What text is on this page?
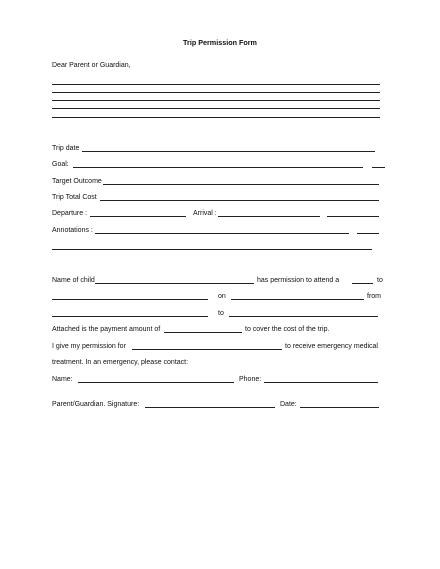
Trip Permission Form
Dear Parent or Guardian,
Trip date
Goal:
Target Outcome
Trip Total Cost
Departure :	Arrival :
Annotations :
Name of child	has permission to attend a	to
on	from
to
Attached is the payment amount of	to cover the cost of the trip.
I give my permission for	to receive emergency medical
treatment. In an emergency, please contact:
Name:	Phone:
Parent/Guardian. Signature:	Date:
